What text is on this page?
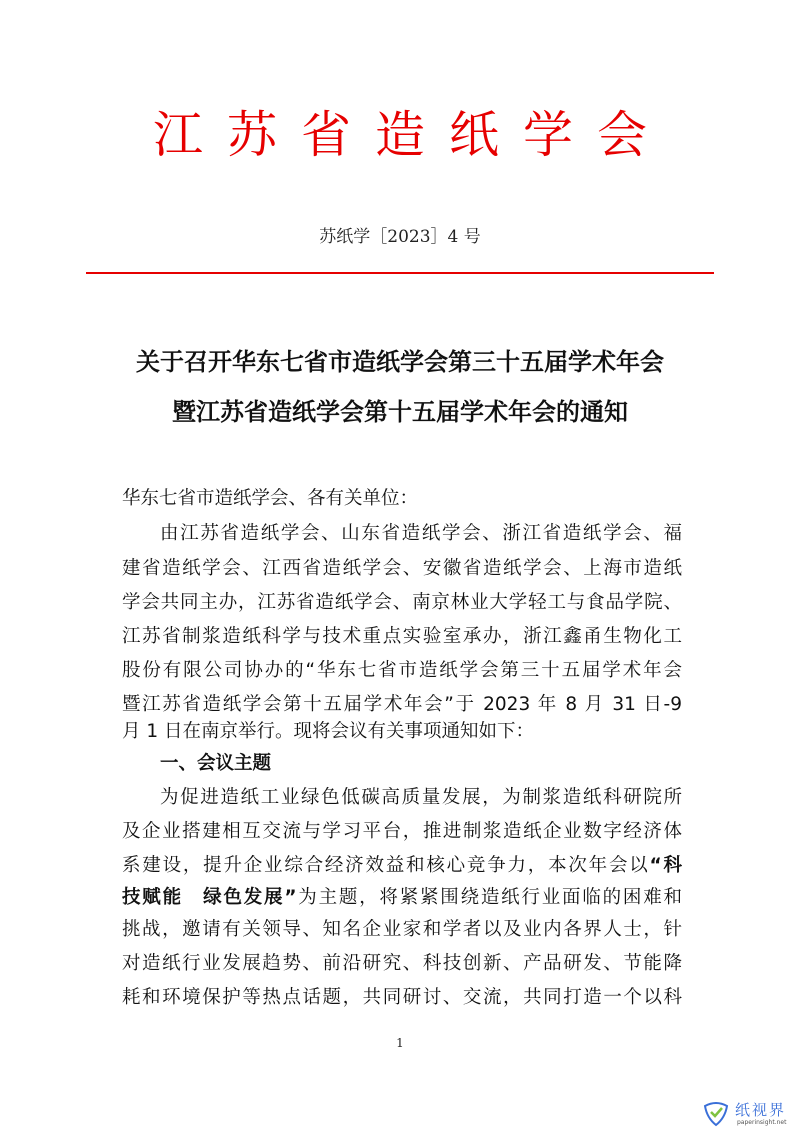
江苏省造纸学会
苏纸学［2023］4 号
关于召开华东七省市造纸学会第三十五届学术年会
暨江苏省造纸学会第十五届学术年会的通知
华东七省市造纸学会、各有关单位：
由江苏省造纸学会、山东省造纸学会、浙江省造纸学会、福
建省造纸学会、江西省造纸学会、安徽省造纸学会、上海市造纸
学会共同主办，江苏省造纸学会、南京林业大学轻工与食品学院、
江苏省制浆造纸科学与技术重点实验室承办，浙江鑫甬生物化工
股份有限公司协办的“华东七省市造纸学会第三十五届学术年会
暨江苏省造纸学会第十五届学术年会”于 2023 年 8 月 31 日-9
月 1 日在南京举行。现将会议有关事项通知如下：
一、会议主题
为促进造纸工业绿色低碳高质量发展，为制浆造纸科研院所
及企业搭建相互交流与学习平台，推进制浆造纸企业数字经济体
系建设，提升企业综合经济效益和核心竞争力，本次年会以“科
技赋能　绿色发展”为主题，将紧紧围绕造纸行业面临的困难和
挑战，邀请有关领导、知名企业家和学者以及业内各界人士，针
对造纸行业发展趋势、前沿研究、科技创新、产品研发、节能降
耗和环境保护等热点话题，共同研讨、交流，共同打造一个以科
1
纸视界
paperinsight.net
